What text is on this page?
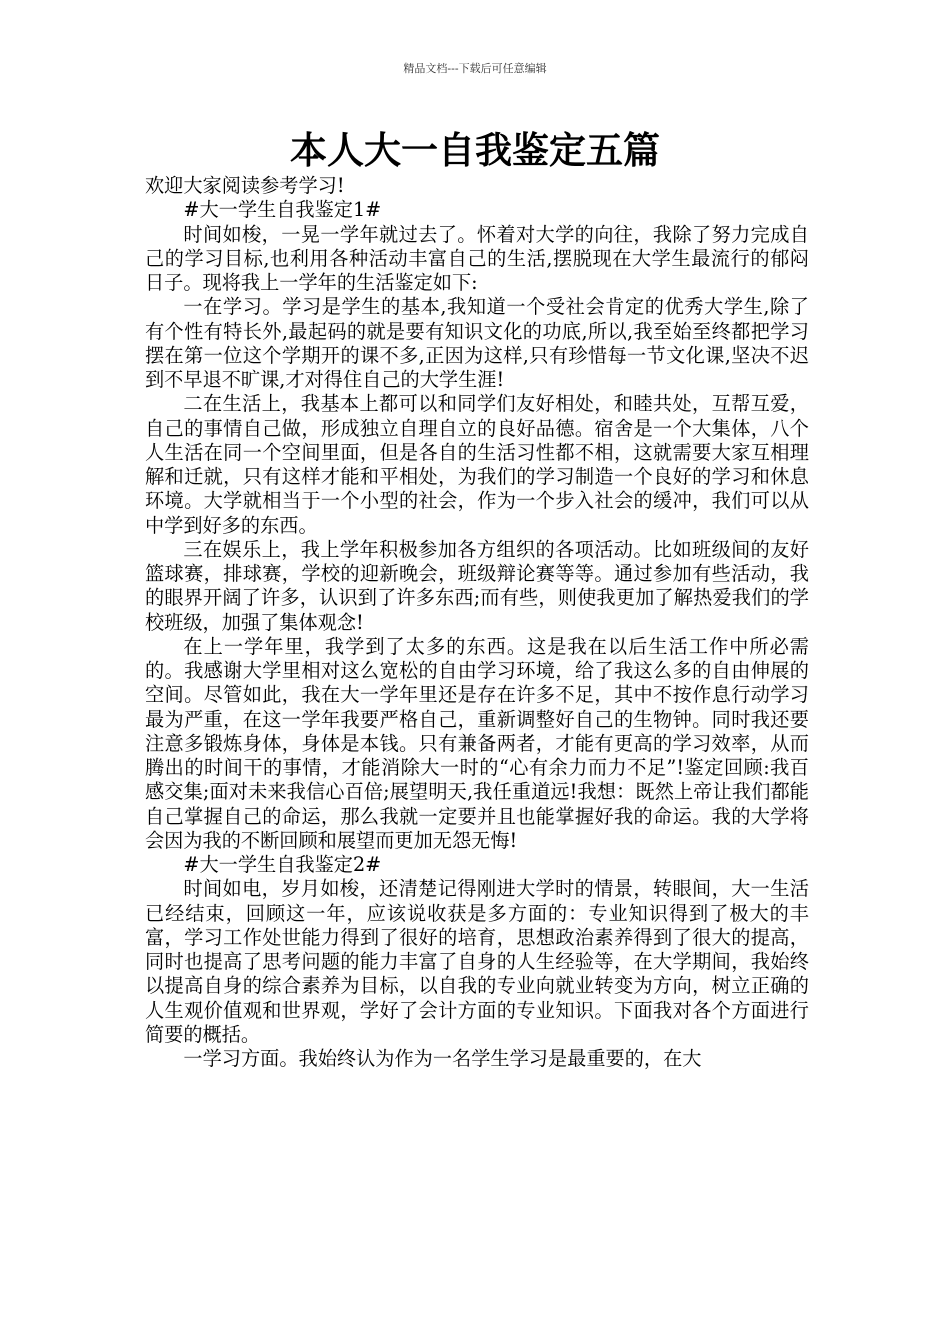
精品文档---下载后可任意编辑
本人大一自我鉴定五篇

欢迎大家阅读参考学习!

#大一学生自我鉴定1#

时间如梭，一晃一学年就过去了。怀着对大学的向往，我除了努力完成自己的学习目标,也利用各种活动丰富自己的生活,摆脱现在大学生最流行的郁闷日子。现将我上一学年的生活鉴定如下:

一在学习。学习是学生的基本,我知道一个受社会肯定的优秀大学生,除了有个性有特长外,最起码的就是要有知识文化的功底,所以,我至始至终都把学习摆在第一位这个学期开的课不多,正因为这样,只有珍惜每一节文化课,坚决不迟到不早退不旷课,才对得住自己的大学生涯!

二在生活上，我基本上都可以和同学们友好相处，和睦共处，互帮互爱，自己的事情自己做，形成独立自理自立的良好品德。宿舍是一个大集体，八个人生活在同一个空间里面，但是各自的生活习性都不相，这就需要大家互相理解和迁就，只有这样才能和平相处，为我们的学习制造一个良好的学习和休息环境。大学就相当于一个小型的社会，作为一个步入社会的缓冲，我们可以从中学到好多的东西。

三在娱乐上，我上学年积极参加各方组织的各项活动。比如班级间的友好篮球赛，排球赛，学校的迎新晚会，班级辩论赛等等。通过参加有些活动，我的眼界开阔了许多，认识到了许多东西;而有些，则使我更加了解热爱我们的学校班级，加强了集体观念!

在上一学年里，我学到了太多的东西。这是我在以后生活工作中所必需的。我感谢大学里相对这么宽松的自由学习环境，给了我这么多的自由伸展的空间。尽管如此，我在大一学年里还是存在许多不足，其中不按作息行动学习最为严重，在这一学年我要严格自己，重新调整好自己的生物钟。同时我还要注意多锻炼身体，身体是本钱。只有兼备两者，才能有更高的学习效率，从而腾出的时间干的事情，才能消除大一时的“心有余力而力不足”!鉴定回顾:我百感交集;面对未来我信心百倍;展望明天,我任重道远!我想：既然上帝让我们都能自己掌握自己的命运，那么我就一定要并且也能掌握好我的命运。我的大学将会因为我的不断回顾和展望而更加无怨无悔!

#大一学生自我鉴定2#

时间如电，岁月如梭，还清楚记得刚进大学时的情景，转眼间，大一生活已经结束，回顾这一年，应该说收获是多方面的：专业知识得到了极大的丰富，学习工作处世能力得到了很好的培育，思想政治素养得到了很大的提高，同时也提高了思考问题的能力丰富了自身的人生经验等，在大学期间，我始终以提高自身的综合素养为目标，以自我的专业向就业转变为方向，树立正确的人生观价值观和世界观，学好了会计方面的专业知识。下面我对各个方面进行简要的概括。

一学习方面。我始终认为作为一名学生学习是最重要的，在大
